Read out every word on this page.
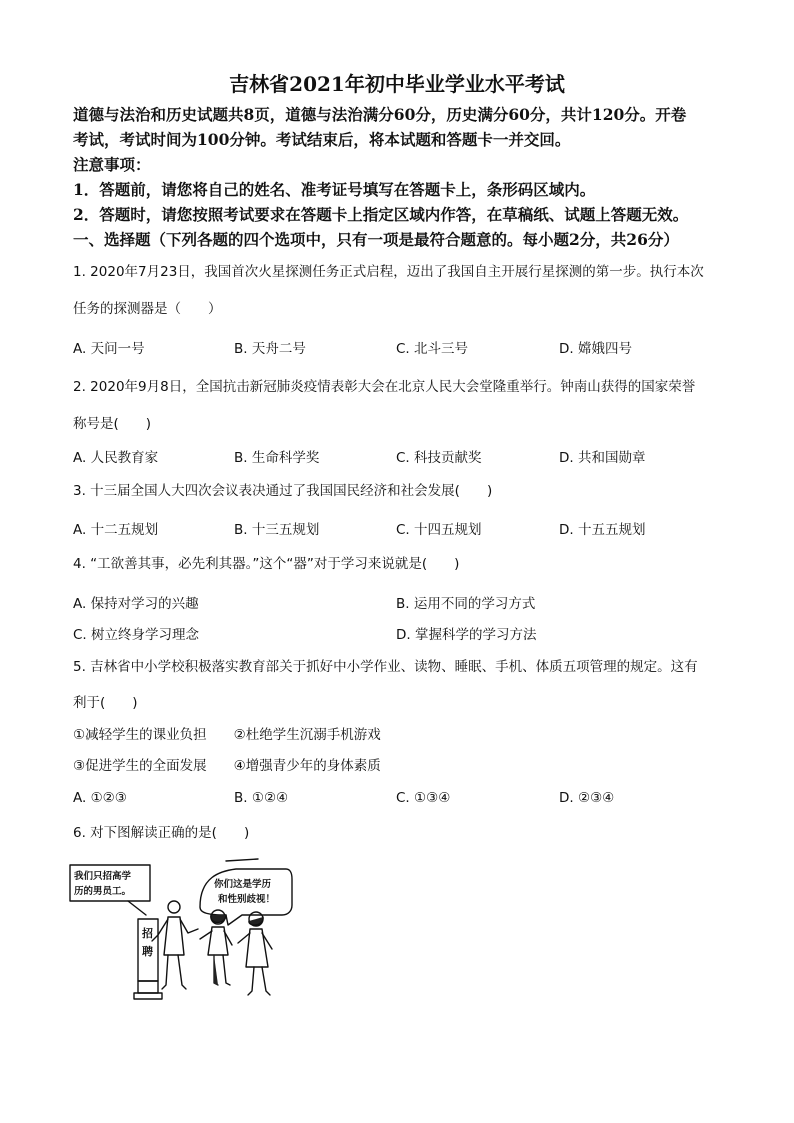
吉林省2021年初中毕业学业水平考试

道德与法治和历史试题共8页，道德与法治满分60分，历史满分60分，共计120分。开卷

考试，考试时间为100分钟。考试结束后，将本试题和答题卡一并交回。

注意事项：

1．答题前，请您将自己的姓名、准考证号填写在答题卡上，条形码区域内。

2．答题时，请您按照考试要求在答题卡上指定区域内作答，在草稿纸、试题上答题无效。

一、选择题（下列各题的四个选项中，只有一项是最符合题意的。每小题2分，共26分）

1. 2020年7月23日，我国首次火星探测任务正式启程，迈出了我国自主开展行星探测的第一步。执行本次
任务的探测器是（　　）
A. 天问一号	B. 天舟二号	C. 北斗三号	D. 嫦娥四号
2. 2020年9月8日，全国抗击新冠肺炎疫情表彰大会在北京人民大会堂隆重举行。钟南山获得的国家荣誉
称号是(　　)
A. 人民教育家	B. 生命科学奖	C. 科技贡献奖	D. 共和国勋章
3. 十三届全国人大四次会议表决通过了我国国民经济和社会发展(　　)
A. 十二五规划	B. 十三五规划	C. 十四五规划	D. 十五五规划
4. “工欲善其事，必先利其器。”这个“器”对于学习来说就是(　　)
A. 保持对学习的兴趣	B. 运用不同的学习方式
C. 树立终身学习理念	D. 掌握科学的学习方法
5. 吉林省中小学校积极落实教育部关于抓好中小学作业、读物、睡眠、手机、体质五项管理的规定。这有
利于(　　)
①减轻学生的课业负担　　②杜绝学生沉溺手机游戏
③促进学生的全面发展　　④增强青少年的身体素质
A. ①②③	B. ①②④	C. ①③④	D. ②③④
6. 对下图解读正确的是(　　)
我们只招高学
历的男员工。
你们这是学历
和性别歧视！
招
聘
